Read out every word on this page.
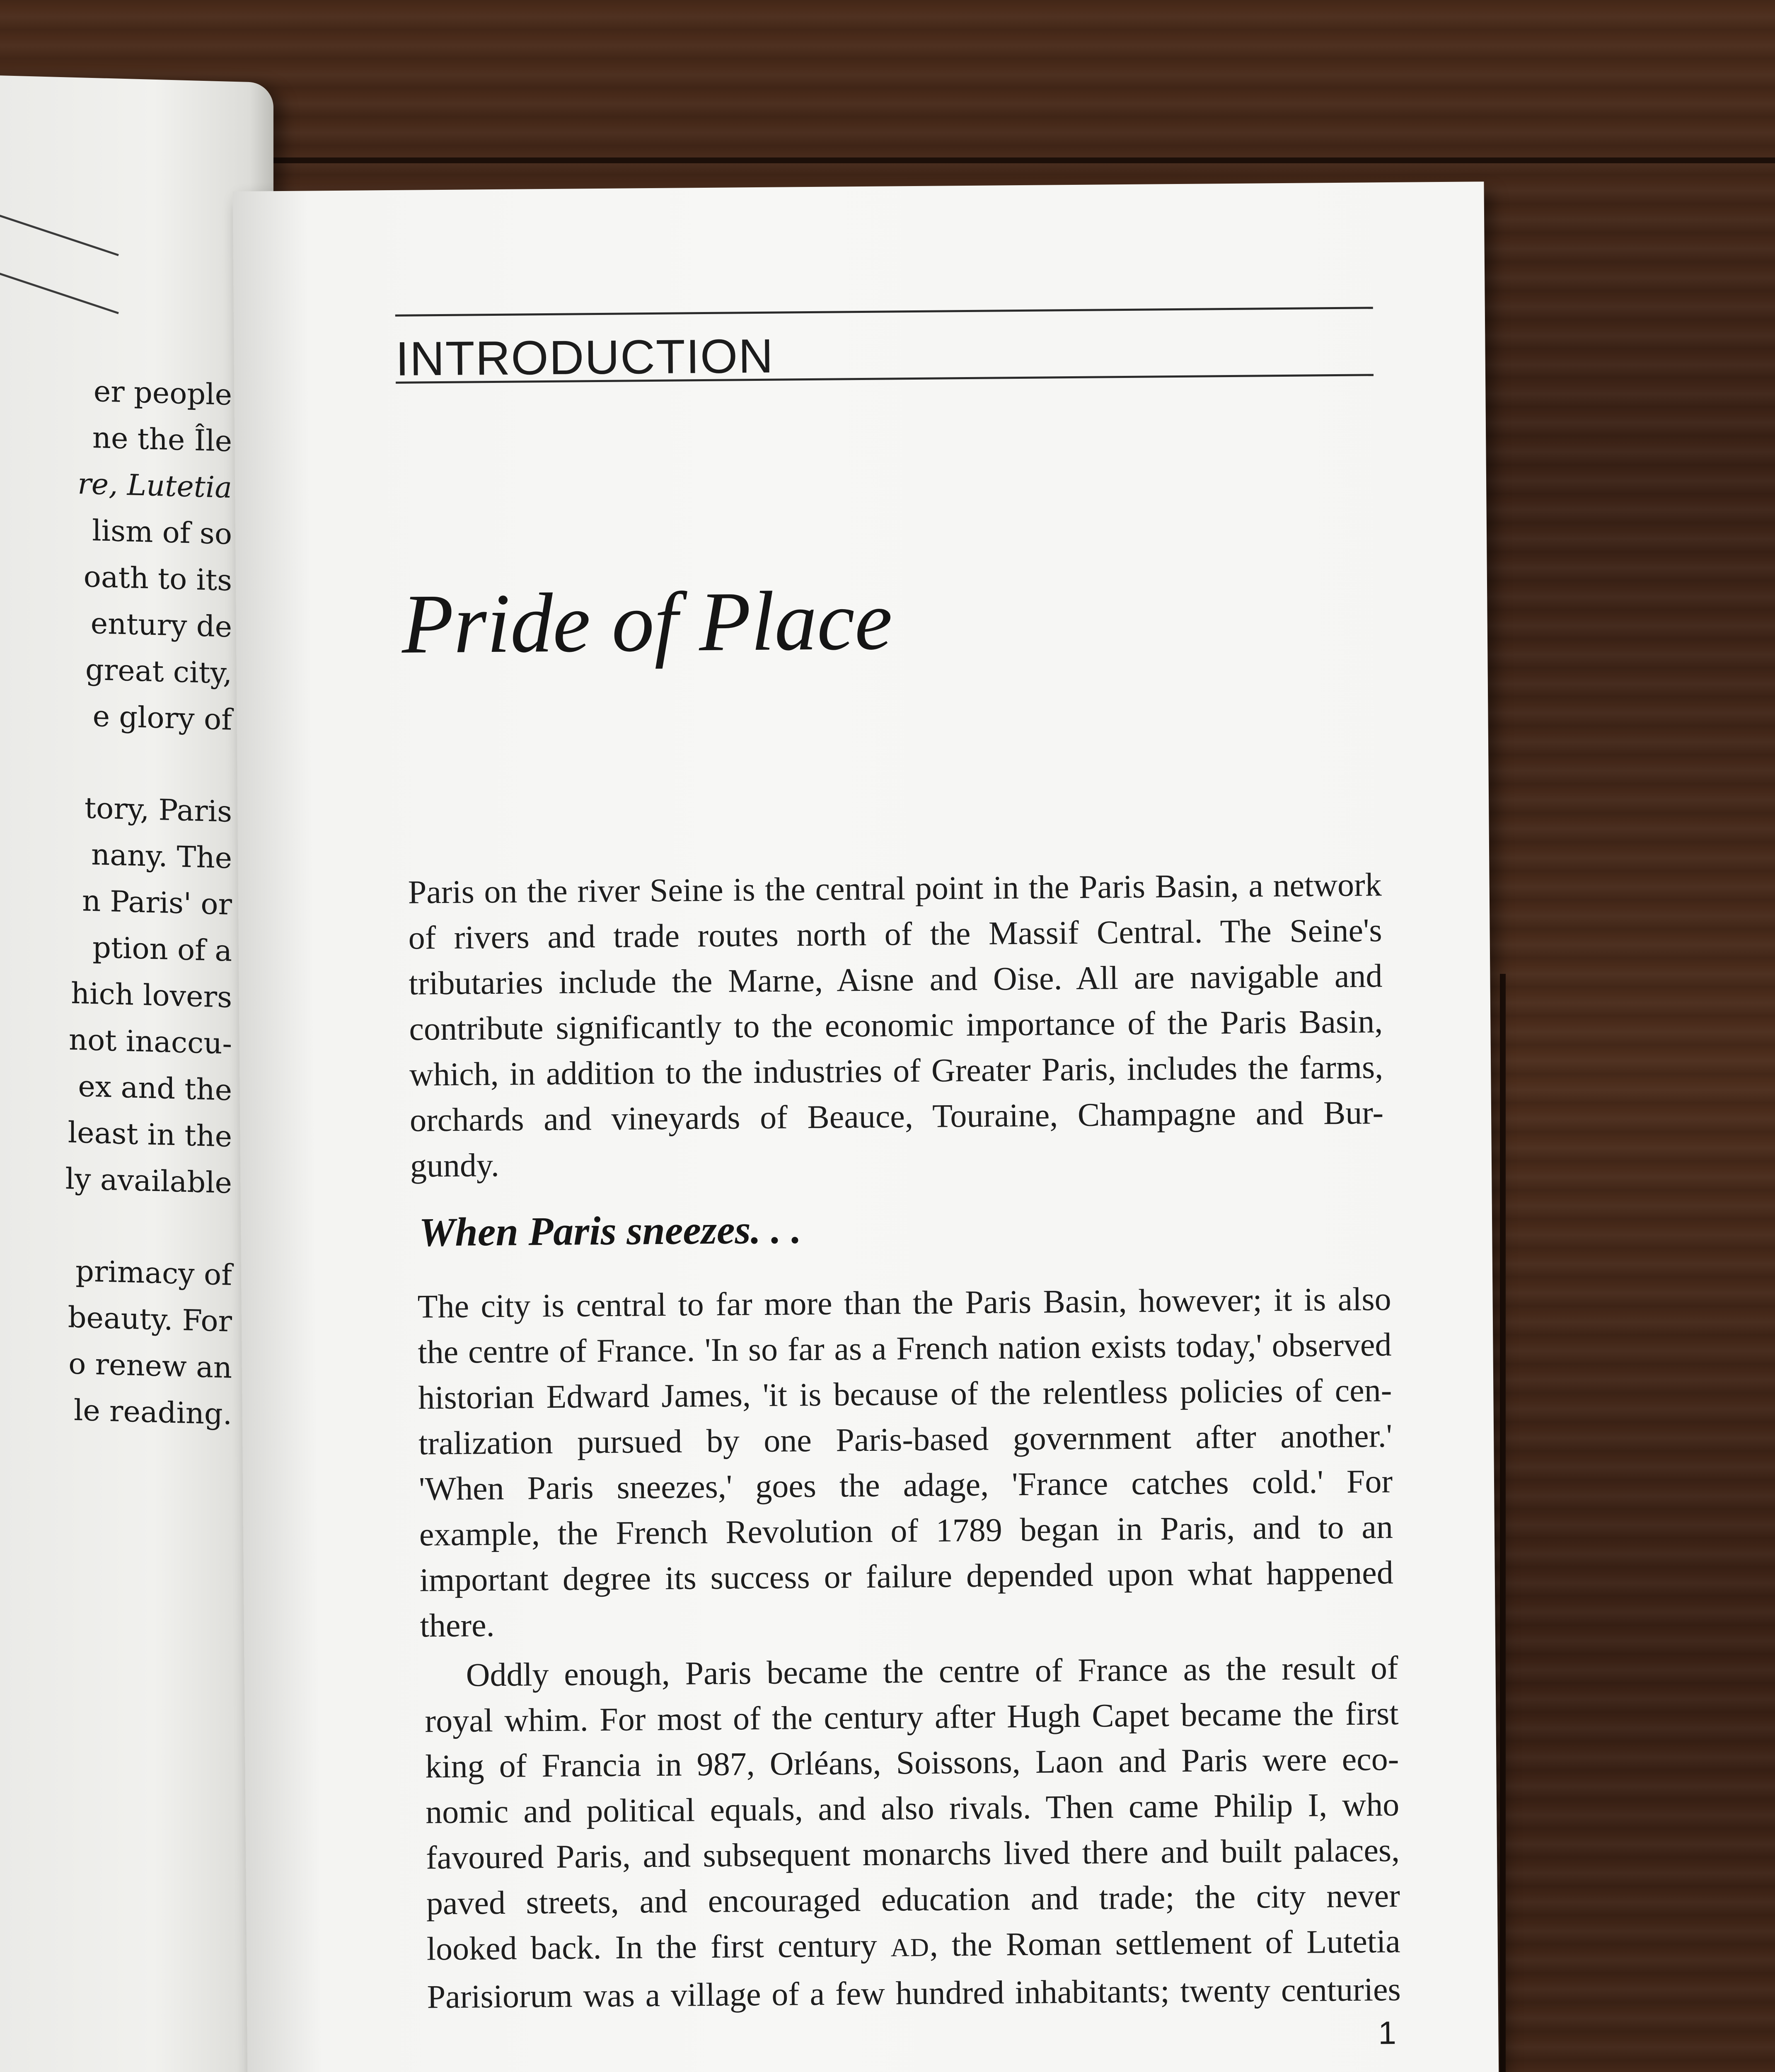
er people
ne the Île
re, Lutetia
lism of so
oath to its
entury de
great city,
e glory of
tory, Paris
nany. The
n Paris' or
ption of a
hich lovers
not inaccu-
ex and the
least in the
ly available
primacy of
beauty. For
o renew an
le reading.
INTRODUCTION
Pride of Place
Paris on the river Seine is the central point in the Paris Basin, a network
of rivers and trade routes north of the Massif Central. The Seine's
tributaries include the Marne, Aisne and Oise. All are navigable and
contribute significantly to the economic importance of the Paris Basin,
which, in addition to the industries of Greater Paris, includes the farms,
orchards and vineyards of Beauce, Touraine, Champagne and Bur-
gundy.
When Paris sneezes. . .
The city is central to far more than the Paris Basin, however; it is also
the centre of France. 'In so far as a French nation exists today,' observed
historian Edward James, 'it is because of the relentless policies of cen-
tralization pursued by one Paris-based government after another.'
'When Paris sneezes,' goes the adage, 'France catches cold.' For
example, the French Revolution of 1789 began in Paris, and to an
important degree its success or failure depended upon what happened
there.
Oddly enough, Paris became the centre of France as the result of
royal whim. For most of the century after Hugh Capet became the first
king of Francia in 987, Orléans, Soissons, Laon and Paris were eco-
nomic and political equals, and also rivals. Then came Philip I, who
favoured Paris, and subsequent monarchs lived there and built palaces,
paved streets, and encouraged education and trade; the city never
looked back. In the first century AD, the Roman settlement of Lutetia
Parisiorum was a village of a few hundred inhabitants; twenty centuries
1
